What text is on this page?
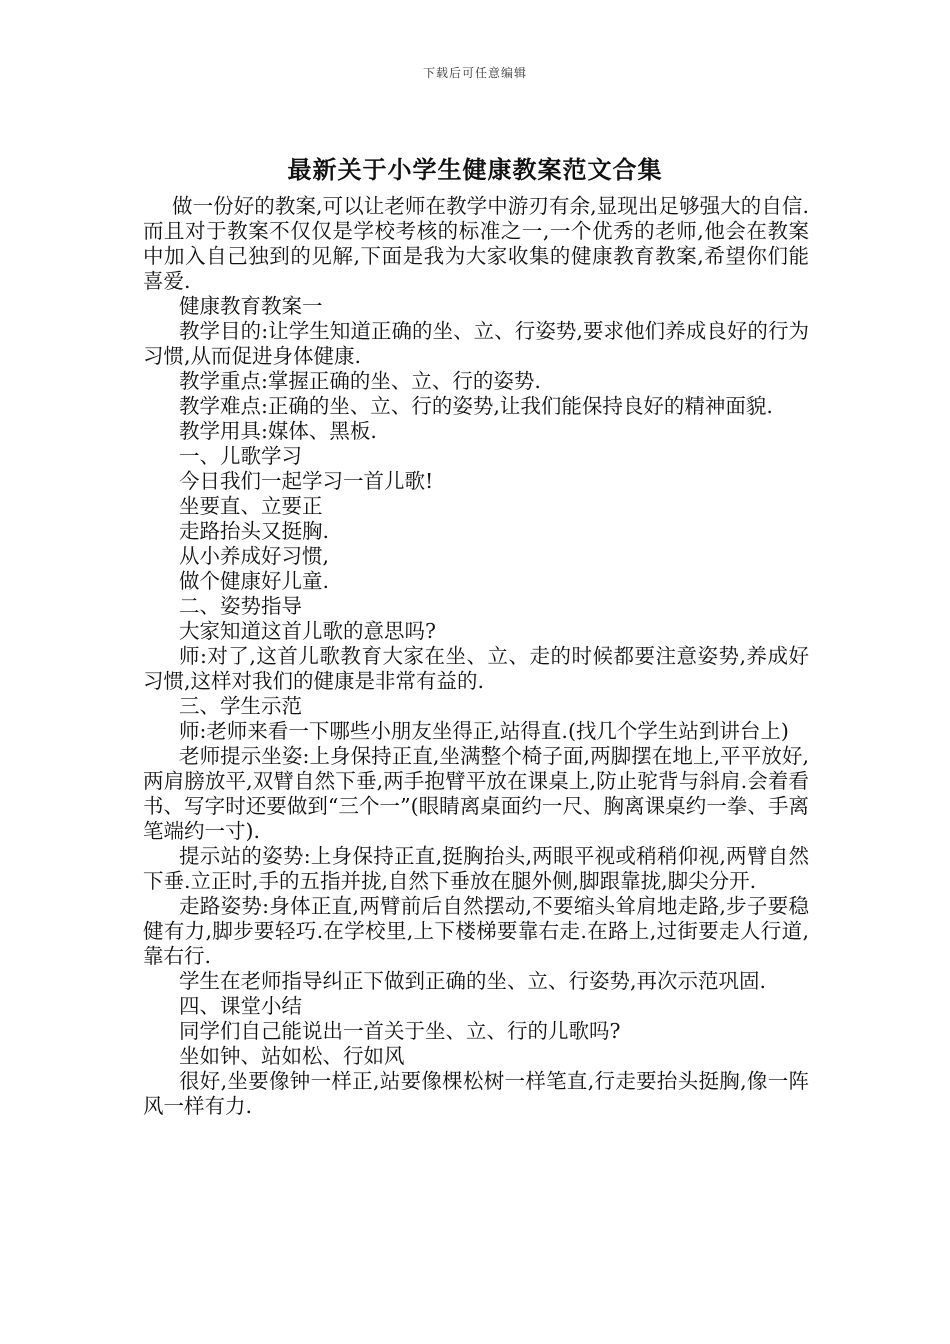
下载后可任意编辑
最新关于小学生健康教案范文合集

做一份好的教案,可以让老师在教学中游刃有余,显现出足够强大的自信.而且对于教案不仅仅是学校考核的标准之一,一个优秀的老师,他会在教案中加入自己独到的见解,下面是我为大家收集的健康教育教案,希望你们能喜爱.

健康教育教案一

教学目的:让学生知道正确的坐、立、行姿势,要求他们养成良好的行为习惯,从而促进身体健康.

教学重点:掌握正确的坐、立、行的姿势.

教学难点:正确的坐、立、行的姿势,让我们能保持良好的精神面貌.

教学用具:媒体、黑板.

一、儿歌学习

今日我们一起学习一首儿歌!

坐要直、立要正

走路抬头又挺胸.

从小养成好习惯,

做个健康好儿童.

二、姿势指导

大家知道这首儿歌的意思吗?

师:对了,这首儿歌教育大家在坐、立、走的时候都要注意姿势,养成好习惯,这样对我们的健康是非常有益的.

三、学生示范

师:老师来看一下哪些小朋友坐得正,站得直.(找几个学生站到讲台上)

老师提示坐姿:上身保持正直,坐满整个椅子面,两脚摆在地上,平平放好,两肩膀放平,双臂自然下垂,两手抱臂平放在课桌上,防止驼背与斜肩.会着看书、写字时还要做到“三个一”(眼睛离桌面约一尺、胸离课桌约一拳、手离笔端约一寸).

提示站的姿势:上身保持正直,挺胸抬头,两眼平视或稍稍仰视,两臂自然下垂.立正时,手的五指并拢,自然下垂放在腿外侧,脚跟靠拢,脚尖分开.

走路姿势:身体正直,两臂前后自然摆动,不要缩头耸肩地走路,步子要稳健有力,脚步要轻巧.在学校里,上下楼梯要靠右走.在路上,过街要走人行道,靠右行.

学生在老师指导纠正下做到正确的坐、立、行姿势,再次示范巩固.

四、课堂小结

同学们自己能说出一首关于坐、立、行的儿歌吗?

坐如钟、站如松、行如风

很好,坐要像钟一样正,站要像棵松树一样笔直,行走要抬头挺胸,像一阵风一样有力.
